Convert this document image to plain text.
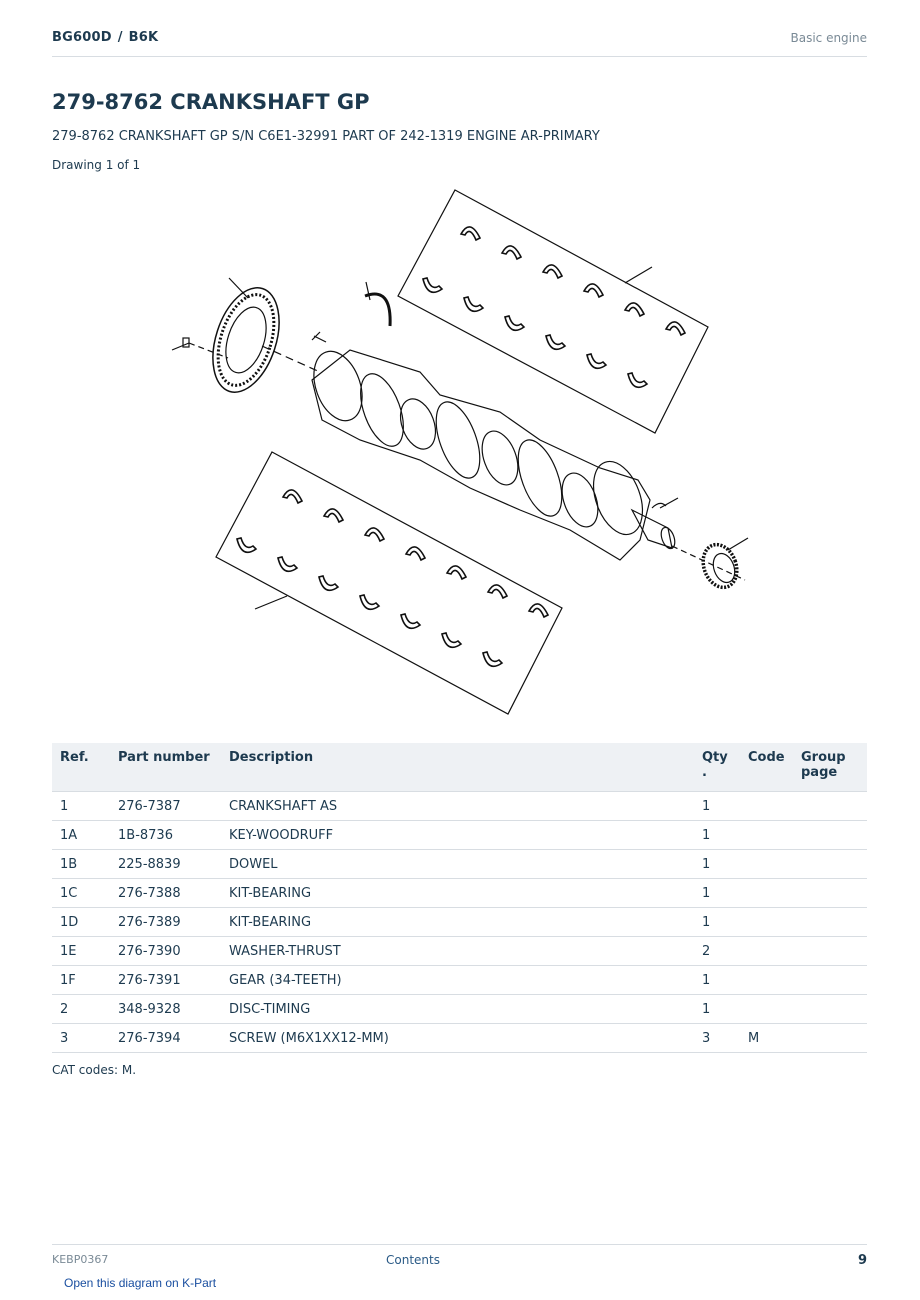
BG600D / B6K	Basic engine
279-8762 CRANKSHAFT GP
279-8762 CRANKSHAFT GP S/N C6E1-32991 PART OF 242-1319 ENGINE AR-PRIMARY
Drawing 1 of 1
Ref.	Part number	Description	Qty .	Code	Group page
1	276-7387	CRANKSHAFT AS	1		
1A	1B-8736	KEY-WOODRUFF	1		
1B	225-8839	DOWEL	1		
1C	276-7388	KIT-BEARING	1		
1D	276-7389	KIT-BEARING	1		
1E	276-7390	WASHER-THRUST	2		
1F	276-7391	GEAR (34-TEETH)	1		
2	348-9328	DISC-TIMING	1		
3	276-7394	SCREW (M6X1XX12-MM)	3	M	
CAT codes: M.
KEBP0367	Contents	9
Open this diagram on K-Part
